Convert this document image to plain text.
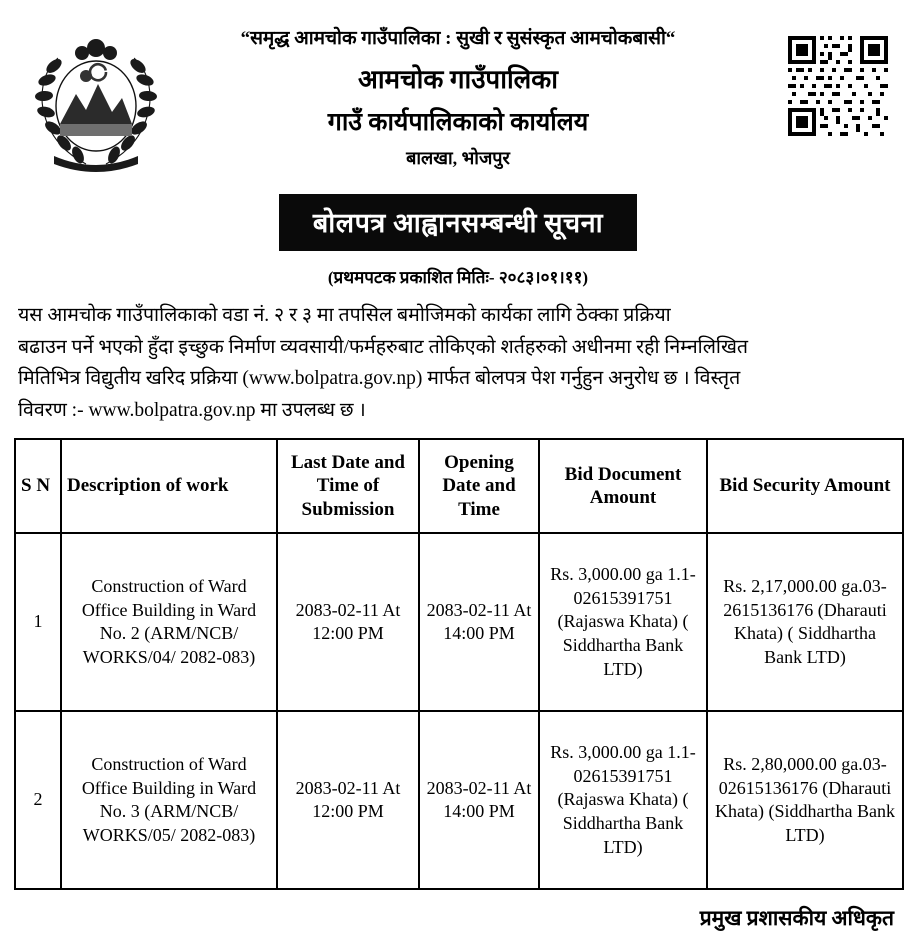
“समृद्ध आमचोक गाउँपालिका : सुखी र सुसंस्कृत आमचोकबासी“
आमचोक गाउँपालिका
गाउँ कार्यपालिकाको कार्यालय
बालखा, भोजपुर
बोलपत्र आह्वानसम्बन्धी सूचना
(प्रथमपटक प्रकाशित मितिः- २०८३।०१।११)
यस आमचोक गाउँपालिकाको वडा नं. २ र ३ मा तपसिल बमोजिमको कार्यका लागि ठेक्का प्रक्रिया
बढाउन पर्ने भएको हुँदा इच्छुक निर्माण व्यवसायी/फर्महरुबाट तोकिएको शर्तहरुको अधीनमा रही निम्नलिखित
मितिभित्र विद्युतीय खरिद प्रक्रिया (www.bolpatra.gov.np) मार्फत बोलपत्र पेश गर्नुहुन अनुरोध छ । विस्तृत
विवरण :- www.bolpatra.gov.np मा उपलब्ध छ ।
S N	Description of work	Last Date and Time of Submission	Opening Date and Time	Bid Document Amount	Bid Security Amount
1	Construction of Ward Office Building in Ward No. 2 (ARM/NCB/ WORKS/04/ 2082-083)	2083-02-11 At 12:00 PM	2083-02-11 At 14:00 PM	Rs. 3,000.00 ga 1.1-02615391751 (Rajaswa Khata) ( Siddhartha Bank LTD)	Rs. 2,17,000.00 ga.03-2615136176 (Dharauti Khata) ( Siddhartha Bank LTD)
2	Construction of Ward Office Building in Ward No. 3 (ARM/NCB/ WORKS/05/ 2082-083)	2083-02-11 At 12:00 PM	2083-02-11 At 14:00 PM	Rs. 3,000.00 ga 1.1-02615391751 (Rajaswa Khata) ( Siddhartha Bank LTD)	Rs. 2,80,000.00 ga.03-02615136176 (Dharauti Khata) (Siddhartha Bank LTD)
प्रमुख प्रशासकीय अधिकृत
